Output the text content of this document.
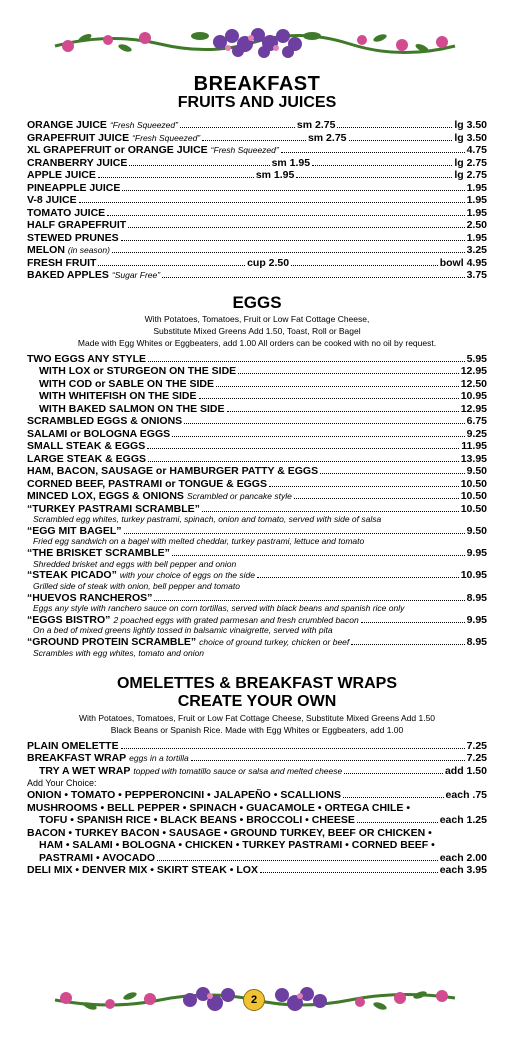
BREAKFAST
FRUITS AND JUICES
ORANGE JUICE “Fresh Squeezed”	sm 2.75	lg 3.50
GRAPEFRUIT JUICE “Fresh Squeezed”	sm 2.75	lg 3.50
XL GRAPEFRUIT or ORANGE JUICE “Fresh Squeezed”	4.75
CRANBERRY JUICE	sm 1.95	lg 2.75
APPLE JUICE	sm 1.95	lg 2.75
PINEAPPLE JUICE	1.95
V-8 JUICE	1.95
TOMATO JUICE	1.95
HALF GRAPEFRUIT	2.50
STEWED PRUNES	1.95
MELON (in season)	3.25
FRESH FRUIT	cup 2.50	bowl 4.95
BAKED APPLES “Sugar Free”	3.75
EGGS
With Potatoes, Tomatoes, Fruit or Low Fat Cottage Cheese,
Substitute Mixed Greens Add 1.50, Toast, Roll or Bagel
Made with Egg Whites or Eggbeaters, add 1.00 All orders can be cooked with no oil by request.
TWO EGGS ANY STYLE	5.95
WITH LOX or STURGEON ON THE SIDE	12.95
WITH COD or SABLE ON THE SIDE	12.50
WITH WHITEFISH ON THE SIDE	10.95
WITH BAKED SALMON ON THE SIDE	12.95
SCRAMBLED EGGS & ONIONS	6.75
SALAMI or BOLOGNA EGGS	9.25
SMALL STEAK & EGGS	11.95
LARGE STEAK & EGGS	13.95
HAM, BACON, SAUSAGE or HAMBURGER PATTY & EGGS	9.50
CORNED BEEF, PASTRAMI or TONGUE & EGGS	10.50
MINCED LOX, EGGS & ONIONS Scrambled or pancake style	10.50
“TURKEY PASTRAMI SCRAMBLE”	10.50
Scrambled egg whites, turkey pastrami, spinach, onion and tomato, served with side of salsa
“EGG MIT BAGEL”	9.50
Fried egg sandwich on a bagel with melted cheddar, turkey pastrami, lettuce and tomato
“THE BRISKET SCRAMBLE”	9.95
Shredded brisket and eggs with bell pepper and onion
“STEAK PICADO” with your choice of eggs on the side	10.95
Grilled side of steak with onion, bell pepper and tomato
“HUEVOS RANCHEROS”	8.95
Eggs any style with ranchero sauce on corn tortillas, served with black beans and spanish rice only
“EGGS BISTRO” 2 poached eggs with grated parmesan and fresh crumbled bacon	9.95
On a bed of mixed greens lightly tossed in balsamic vinaigrette, served with pita
“GROUND PROTEIN SCRAMBLE” choice of ground turkey, chicken or beef	8.95
Scrambles with egg whites, tomato and onion
OMELETTES & BREAKFAST WRAPS
CREATE YOUR OWN
With Potatoes, Tomatoes, Fruit or Low Fat Cottage Cheese, Substitute Mixed Greens Add 1.50
Black Beans or Spanish Rice. Made with Egg Whites or Eggbeaters, add 1.00
PLAIN OMELETTE	7.25
BREAKFAST WRAP eggs in a tortilla	7.25
TRY A WET WRAP topped with tomatillo sauce or salsa and melted cheese	add 1.50
Add Your Choice:
ONION • TOMATO • PEPPERONCINI • JALAPEÑO • SCALLIONS	each .75
MUSHROOMS • BELL PEPPER • SPINACH • GUACAMOLE • ORTEGA CHILE •
TOFU • SPANISH RICE • BLACK BEANS • BROCCOLI • CHEESE	each 1.25
BACON • TURKEY BACON • SAUSAGE • GROUND TURKEY, BEEF OR CHICKEN •
HAM • SALAMI • BOLOGNA • CHICKEN • TURKEY PASTRAMI • CORNED BEEF •
PASTRAMI • AVOCADO	each 2.00
DELI MIX • DENVER MIX • SKIRT STEAK • LOX	each 3.95
2
